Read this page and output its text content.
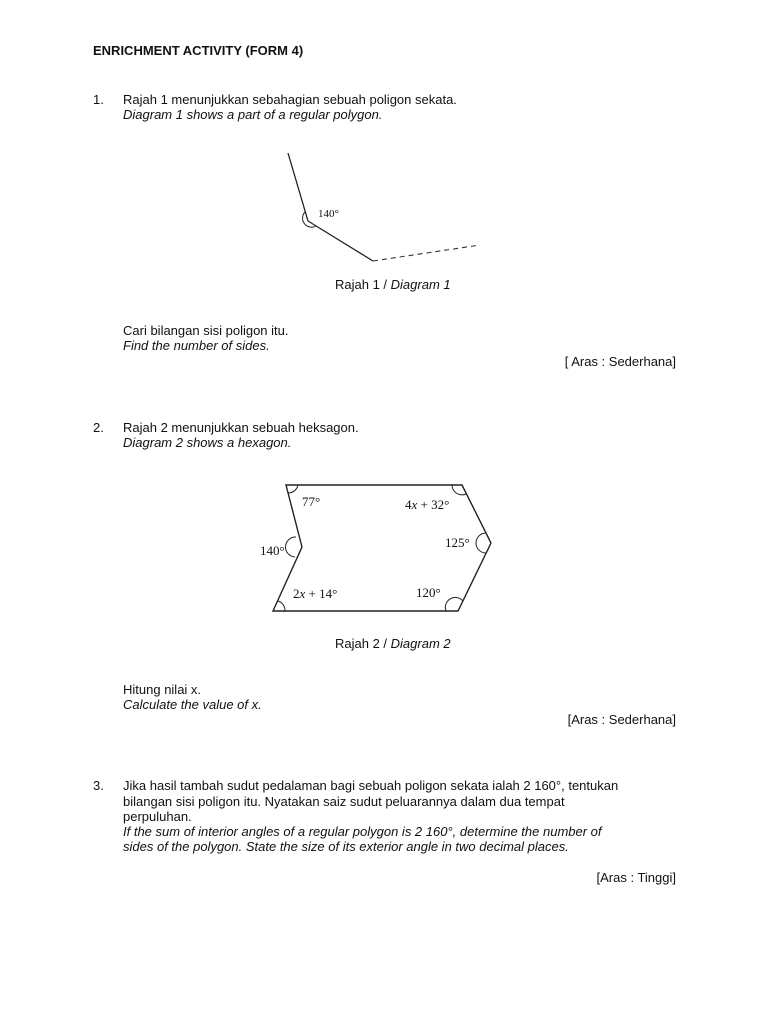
ENRICHMENT ACTIVITY (FORM 4)
1. Rajah 1 menunjukkan sebahagian sebuah poligon sekata.
Diagram 1 shows a part of a regular polygon.
140°
Rajah 1 / Diagram 1
Cari bilangan sisi poligon itu.
Find the number of sides.
[ Aras : Sederhana]
2. Rajah 2 menunjukkan sebuah heksagon.
Diagram 2 shows a hexagon.
77°	4x + 32°
140°
125°
2x + 14°	120°
Rajah 2 / Diagram 2
Hitung nilai x.
Calculate the value of x.
[Aras : Sederhana]
3. Jika hasil tambah sudut pedalaman bagi sebuah poligon sekata ialah 2 160°, tentukan
bilangan sisi poligon itu. Nyatakan saiz sudut peluarannya dalam dua tempat
perpuluhan.
If the sum of interior angles of a regular polygon is 2 160°, determine the number of
sides of the polygon. State the size of its exterior angle in two decimal places.
[Aras : Tinggi]
